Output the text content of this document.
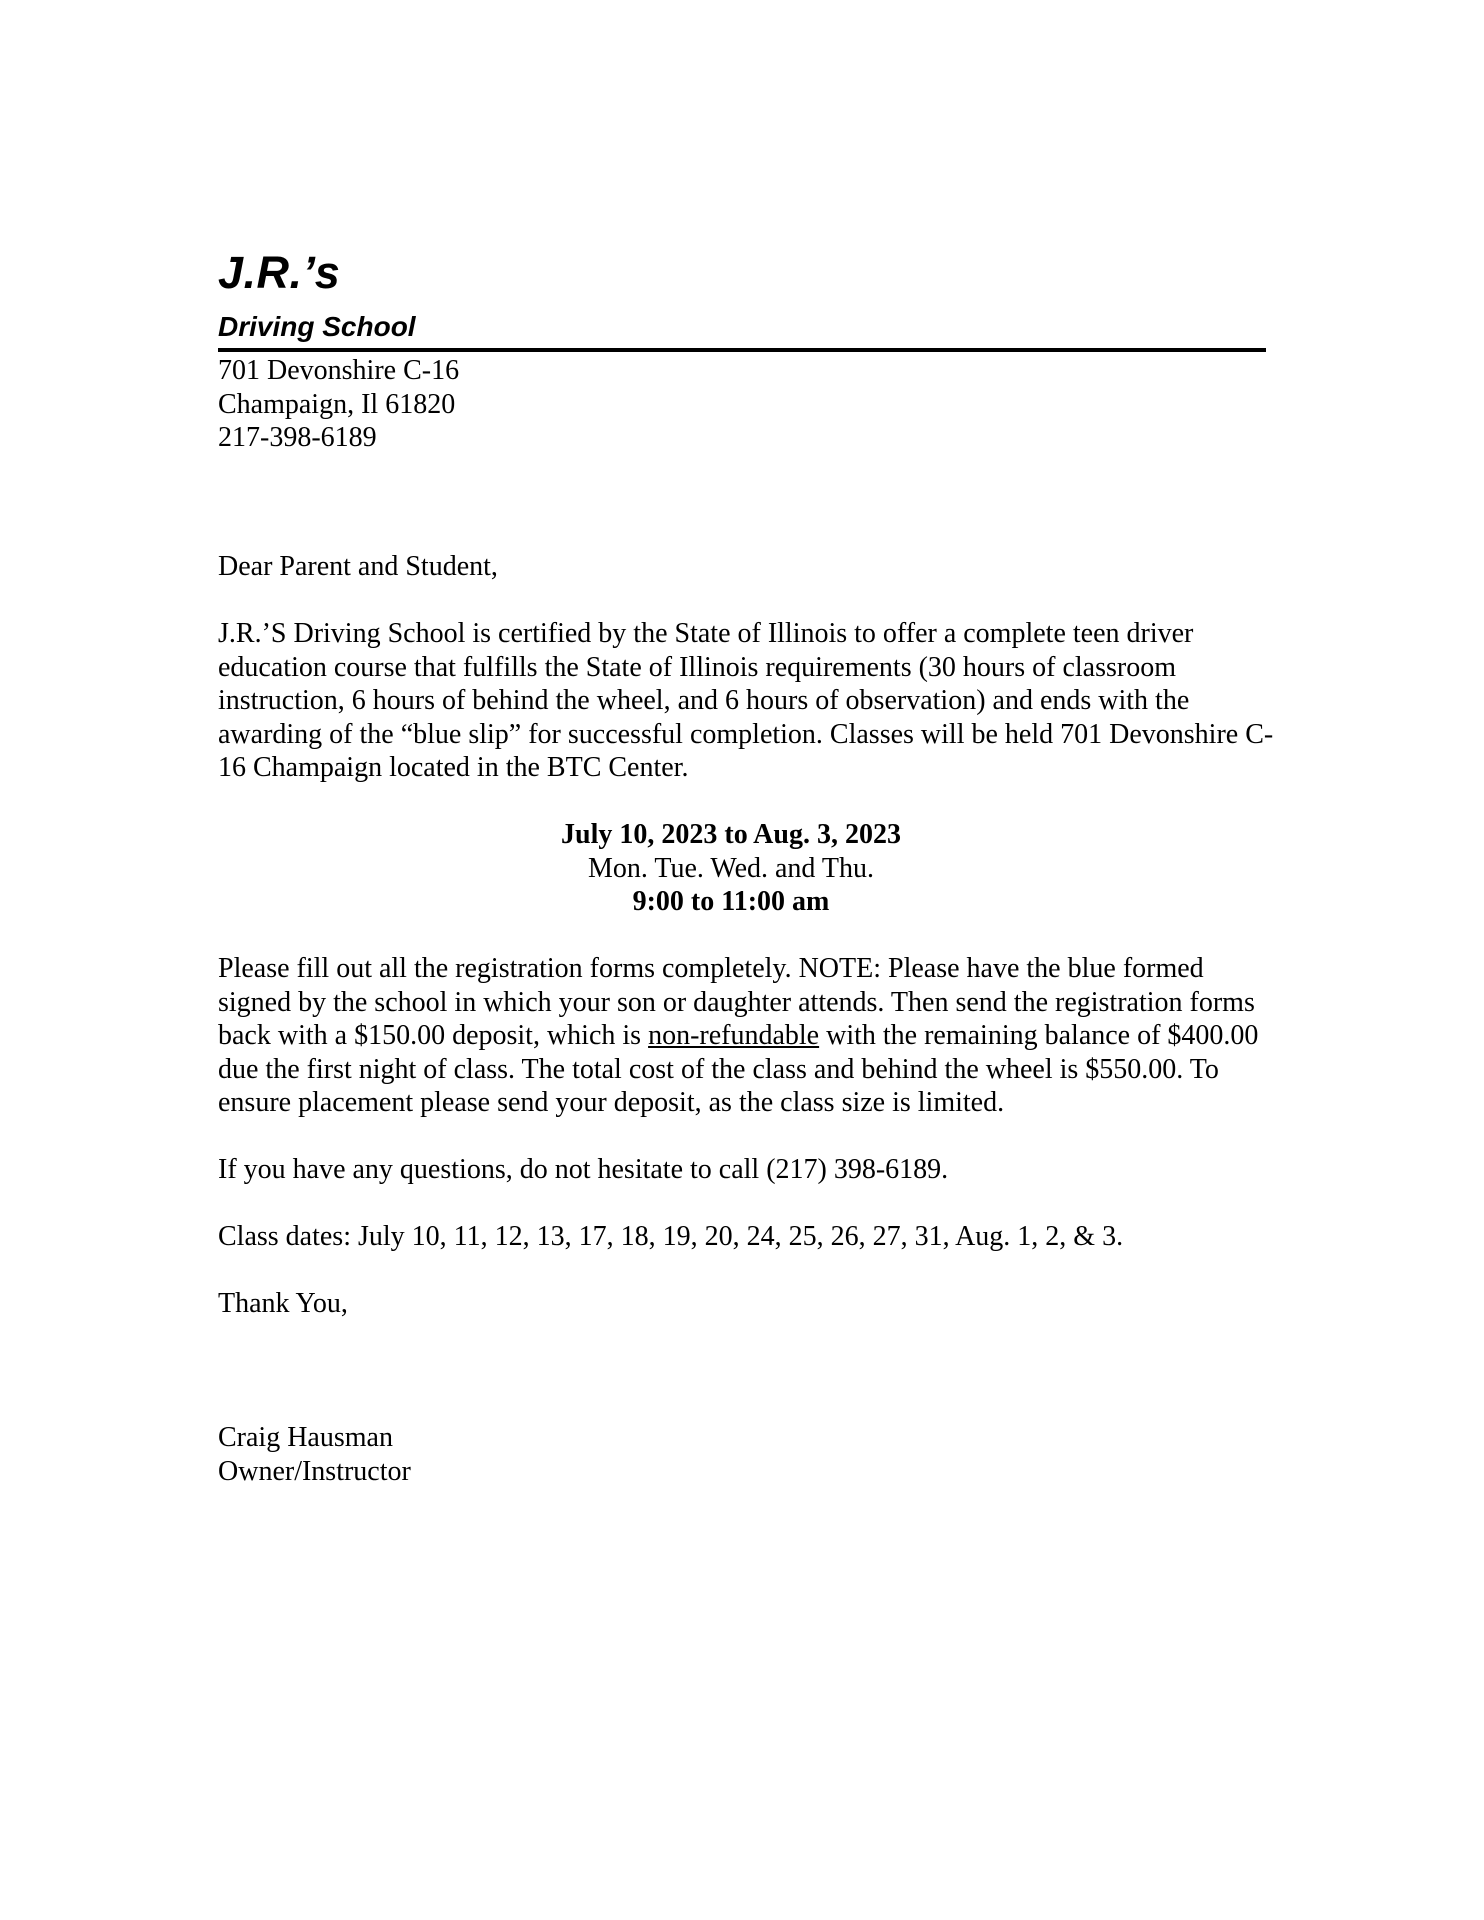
J.R.’s
Driving School
701 Devonshire C-16
Champaign, Il 61820
217-398-6189

Dear Parent and Student,

J.R.’S Driving School is certified by the State of Illinois to offer a complete teen driver education course that fulfills the State of Illinois requirements (30 hours of classroom instruction, 6 hours of behind the wheel, and 6 hours of observation) and ends with the awarding of the “blue slip” for successful completion. Classes will be held 701 Devonshire C-16 Champaign located in the BTC Center.

July 10, 2023 to Aug. 3, 2023
Mon. Tue. Wed. and Thu.
9:00 to 11:00 am

Please fill out all the registration forms completely. NOTE: Please have the blue formed signed by the school in which your son or daughter attends. Then send the registration forms back with a $150.00 deposit, which is non-refundable with the remaining balance of $400.00 due the first night of class. The total cost of the class and behind the wheel is $550.00. To ensure placement please send your deposit, as the class size is limited.

If you have any questions, do not hesitate to call (217) 398-6189.

Class dates: July 10, 11, 12, 13, 17, 18, 19, 20, 24, 25, 26, 27, 31, Aug. 1, 2, & 3.

Thank You,

Craig Hausman
Owner/Instructor
